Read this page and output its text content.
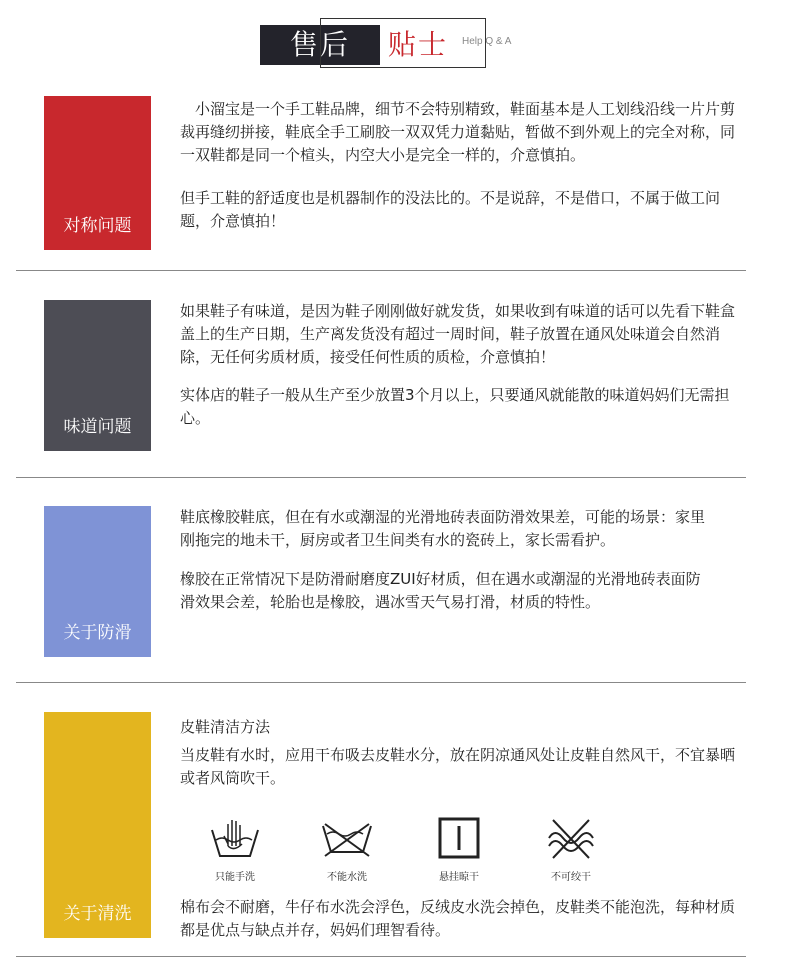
售后	贴士 Help Q & A
对称问题

　小溜宝是一个手工鞋品牌，细节不会特别精致，鞋面基本是人工划线沿线一片片剪裁再缝纫拼接，鞋底全手工刷胶一双双凭力道黏贴，暂做不到外观上的完全对称，同一双鞋都是同一个楦头，内空大小是完全一样的，介意慎拍。

但手工鞋的舒适度也是机器制作的没法比的。不是说辞，不是借口，不属于做工问题，介意慎拍！

味道问题

如果鞋子有味道，是因为鞋子刚刚做好就发货，如果收到有味道的话可以先看下鞋盒盖上的生产日期，生产离发货没有超过一周时间，鞋子放置在通风处味道会自然消除，无任何劣质材质，接受任何性质的质检，介意慎拍！

实体店的鞋子一般从生产至少放置3个月以上，只要通风就能散的味道妈妈们无需担心。

关于防滑

鞋底橡胶鞋底，但在有水或潮湿的光滑地砖表面防滑效果差，可能的场景：家里刚拖完的地未干，厨房或者卫生间类有水的瓷砖上，家长需看护。

橡胶在正常情况下是防滑耐磨度ZUI好材质，但在遇水或潮湿的光滑地砖表面防滑效果会差，轮胎也是橡胶，遇冰雪天气易打滑，材质的特性。

关于清洗

皮鞋清洁方法

当皮鞋有水时，应用干布吸去皮鞋水分，放在阴凉通风处让皮鞋自然风干，不宜暴晒或者风筒吹干。

只能手洗	不能水洗	悬挂晾干	不可绞干

棉布会不耐磨，牛仔布水洗会浮色，反绒皮水洗会掉色，皮鞋类不能泡洗，每种材质都是优点与缺点并存，妈妈们理智看待。
